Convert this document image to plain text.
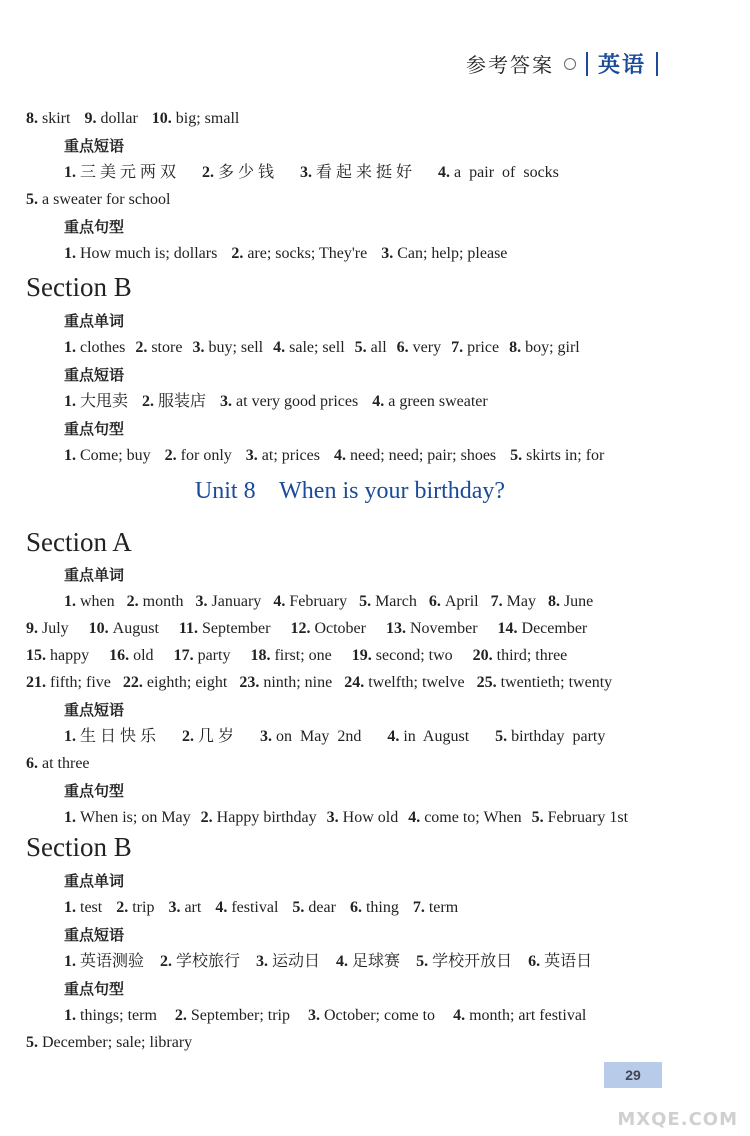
参考答案 英语
8. skirt 9. dollar 10. big; small
重点短语
1. 三 美 元 两 双 2. 多 少 钱 3. 看 起 来 挺 好 4. a  pair  of  socks
5. a sweater for school
重点句型
1. How much is; dollars 2. are; socks; They're 3. Can; help; please
Section B
重点单词
1. clothes 2. store 3. buy; sell 4. sale; sell 5. all 6. very 7. price 8. boy; girl
重点短语
1. 大甩卖 2. 服装店 3. at very good prices 4. a green sweater
重点句型
1. Come; buy 2. for only 3. at; prices 4. need; need; pair; shoes 5. skirts in; for
Unit 8    When is your birthday?
Section A
重点单词
1. when 2. month 3. January 4. February 5. March 6. April 7. May 8. June
9. July 10. August 11. September 12. October 13. November 14. December
15. happy 16. old 17. party 18. first; one 19. second; two 20. third; three
21. fifth; five 22. eighth; eight 23. ninth; nine 24. twelfth; twelve 25. twentieth; twenty
重点短语
1. 生 日 快 乐 2. 几 岁 3. on  May  2nd 4. in  August 5. birthday  party
6. at three
重点句型
1. When is; on May 2. Happy birthday 3. How old 4. come to; When 5. February 1st
Section B
重点单词
1. test 2. trip 3. art 4. festival 5. dear 6. thing 7. term
重点短语
1. 英语测验 2. 学校旅行 3. 运动日 4. 足球赛 5. 学校开放日 6. 英语日
重点句型
1. things; term 2. September; trip 3. October; come to 4. month; art festival
5. December; sale; library
29
MXQE.COM
